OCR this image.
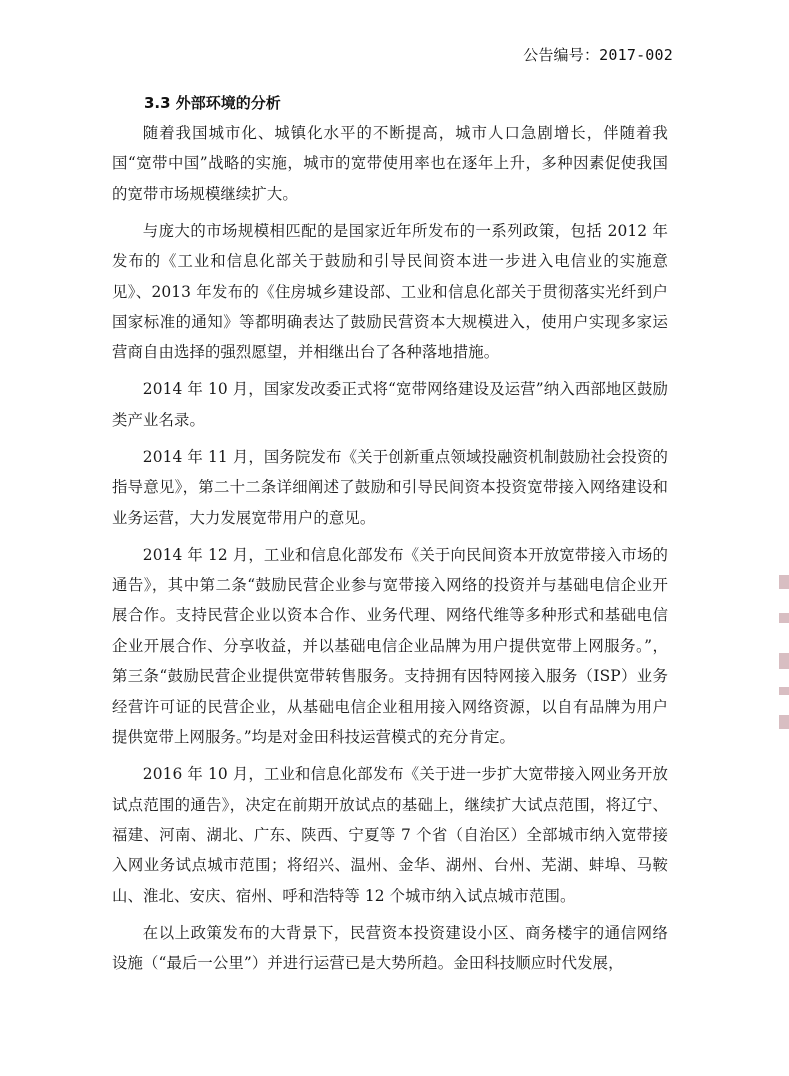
公告编号：2017-002
3.3 外部环境的分析

随着我国城市化、城镇化水平的不断提高，城市人口急剧增长，伴随着我国“宽带中国”战略的实施，城市的宽带使用率也在逐年上升，多种因素促使我国的宽带市场规模继续扩大。

与庞大的市场规模相匹配的是国家近年所发布的一系列政策，包括 2012 年发布的《工业和信息化部关于鼓励和引导民间资本进一步进入电信业的实施意见》、2013 年发布的《住房城乡建设部、工业和信息化部关于贯彻落实光纤到户国家标准的通知》等都明确表达了鼓励民营资本大规模进入，使用户实现多家运营商自由选择的强烈愿望，并相继出台了各种落地措施。

2014 年 10 月，国家发改委正式将“宽带网络建设及运营”纳入西部地区鼓励类产业名录。

2014 年 11 月，国务院发布《关于创新重点领域投融资机制鼓励社会投资的指导意见》，第二十二条详细阐述了鼓励和引导民间资本投资宽带接入网络建设和业务运营，大力发展宽带用户的意见。

2014 年 12 月，工业和信息化部发布《关于向民间资本开放宽带接入市场的通告》，其中第二条“鼓励民营企业参与宽带接入网络的投资并与基础电信企业开展合作。支持民营企业以资本合作、业务代理、网络代维等多种形式和基础电信企业开展合作、分享收益，并以基础电信企业品牌为用户提供宽带上网服务。”，第三条“鼓励民营企业提供宽带转售服务。支持拥有因特网接入服务（ISP）业务经营许可证的民营企业，从基础电信企业租用接入网络资源，以自有品牌为用户提供宽带上网服务。”均是对金田科技运营模式的充分肯定。

2016 年 10 月，工业和信息化部发布《关于进一步扩大宽带接入网业务开放试点范围的通告》，决定在前期开放试点的基础上，继续扩大试点范围，将辽宁、福建、河南、湖北、广东、陕西、宁夏等 7 个省（自治区）全部城市纳入宽带接入网业务试点城市范围；将绍兴、温州、金华、湖州、台州、芜湖、蚌埠、马鞍山、淮北、安庆、宿州、呼和浩特等 12 个城市纳入试点城市范围。

在以上政策发布的大背景下，民营资本投资建设小区、商务楼宇的通信网络设施（“最后一公里”）并进行运营已是大势所趋。金田科技顺应时代发展，
